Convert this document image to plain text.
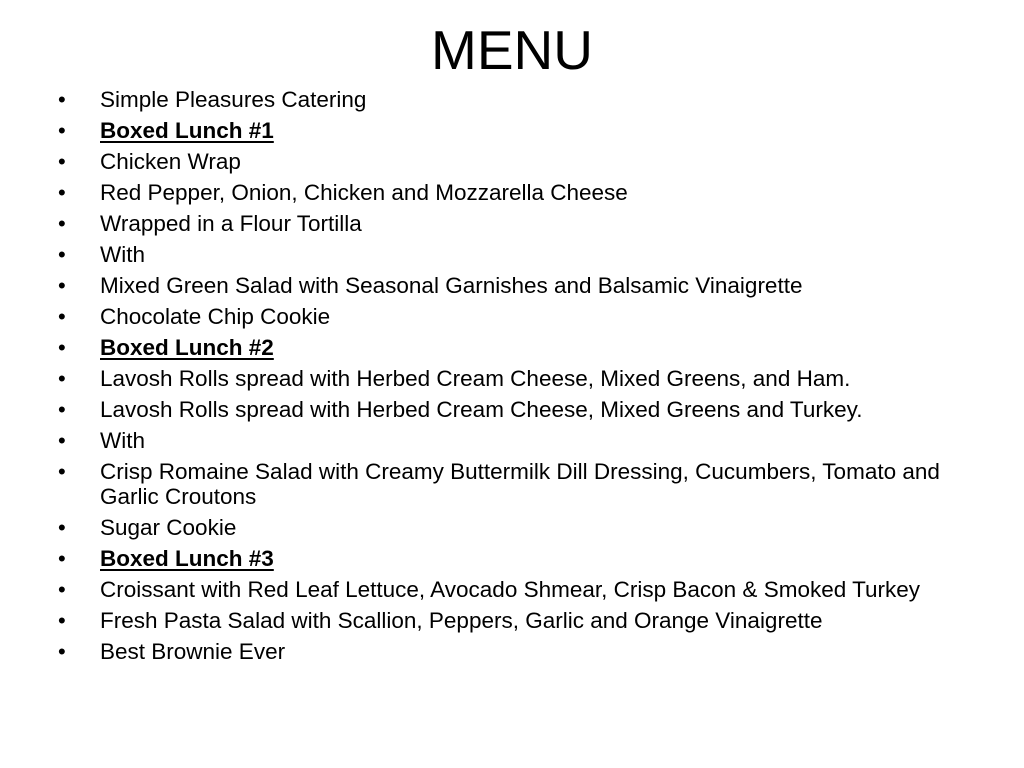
MENU
• Simple Pleasures Catering
• Boxed Lunch #1
• Chicken Wrap
• Red Pepper, Onion, Chicken and Mozzarella Cheese
• Wrapped in a Flour Tortilla
• With
• Mixed Green Salad with Seasonal Garnishes and Balsamic Vinaigrette
• Chocolate Chip Cookie
• Boxed Lunch #2
• Lavosh Rolls spread with Herbed Cream Cheese, Mixed Greens, and Ham.
• Lavosh Rolls spread with Herbed Cream Cheese, Mixed Greens and Turkey.
• With
• Crisp Romaine Salad with Creamy Buttermilk Dill Dressing, Cucumbers, Tomato and Garlic Croutons
• Sugar Cookie
• Boxed Lunch #3
• Croissant with Red Leaf Lettuce, Avocado Shmear, Crisp Bacon & Smoked Turkey
• Fresh Pasta Salad with Scallion, Peppers, Garlic and Orange Vinaigrette
• Best Brownie Ever
